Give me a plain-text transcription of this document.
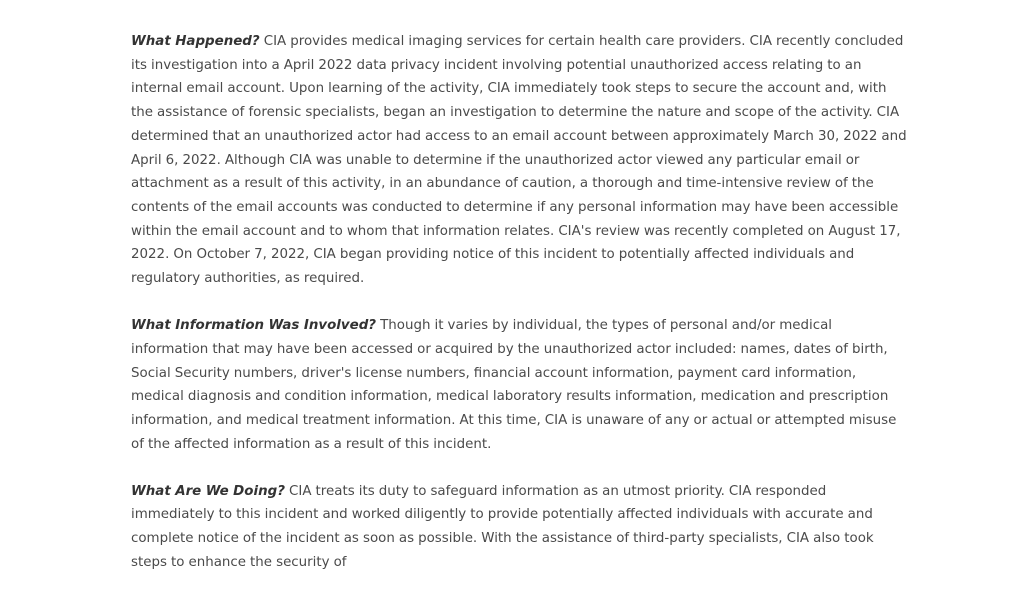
What Happened? CIA provides medical imaging services for certain health care providers. CIA recently concluded its investigation into a April 2022 data privacy incident involving potential unauthorized access relating to an internal email account. Upon learning of the activity, CIA immediately took steps to secure the account and, with the assistance of forensic specialists, began an investigation to determine the nature and scope of the activity. CIA determined that an unauthorized actor had access to an email account between approximately March 30, 2022 and April 6, 2022. Although CIA was unable to determine if the unauthorized actor viewed any particular email or attachment as a result of this activity, in an abundance of caution, a thorough and time-intensive review of the contents of the email accounts was conducted to determine if any personal information may have been accessible within the email account and to whom that information relates. CIA's review was recently completed on August 17, 2022. On October 7, 2022, CIA began providing notice of this incident to potentially affected individuals and regulatory authorities, as required.

What Information Was Involved? Though it varies by individual, the types of personal and/or medical information that may have been accessed or acquired by the unauthorized actor included: names, dates of birth, Social Security numbers, driver's license numbers, financial account information, payment card information, medical diagnosis and condition information, medical laboratory results information, medication and prescription information, and medical treatment information. At this time, CIA is unaware of any or actual or attempted misuse of the affected information as a result of this incident.

What Are We Doing? CIA treats its duty to safeguard information as an utmost priority. CIA responded immediately to this incident and worked diligently to provide potentially affected individuals with accurate and complete notice of the incident as soon as possible. With the assistance of third-party specialists, CIA also took steps to enhance the security of
